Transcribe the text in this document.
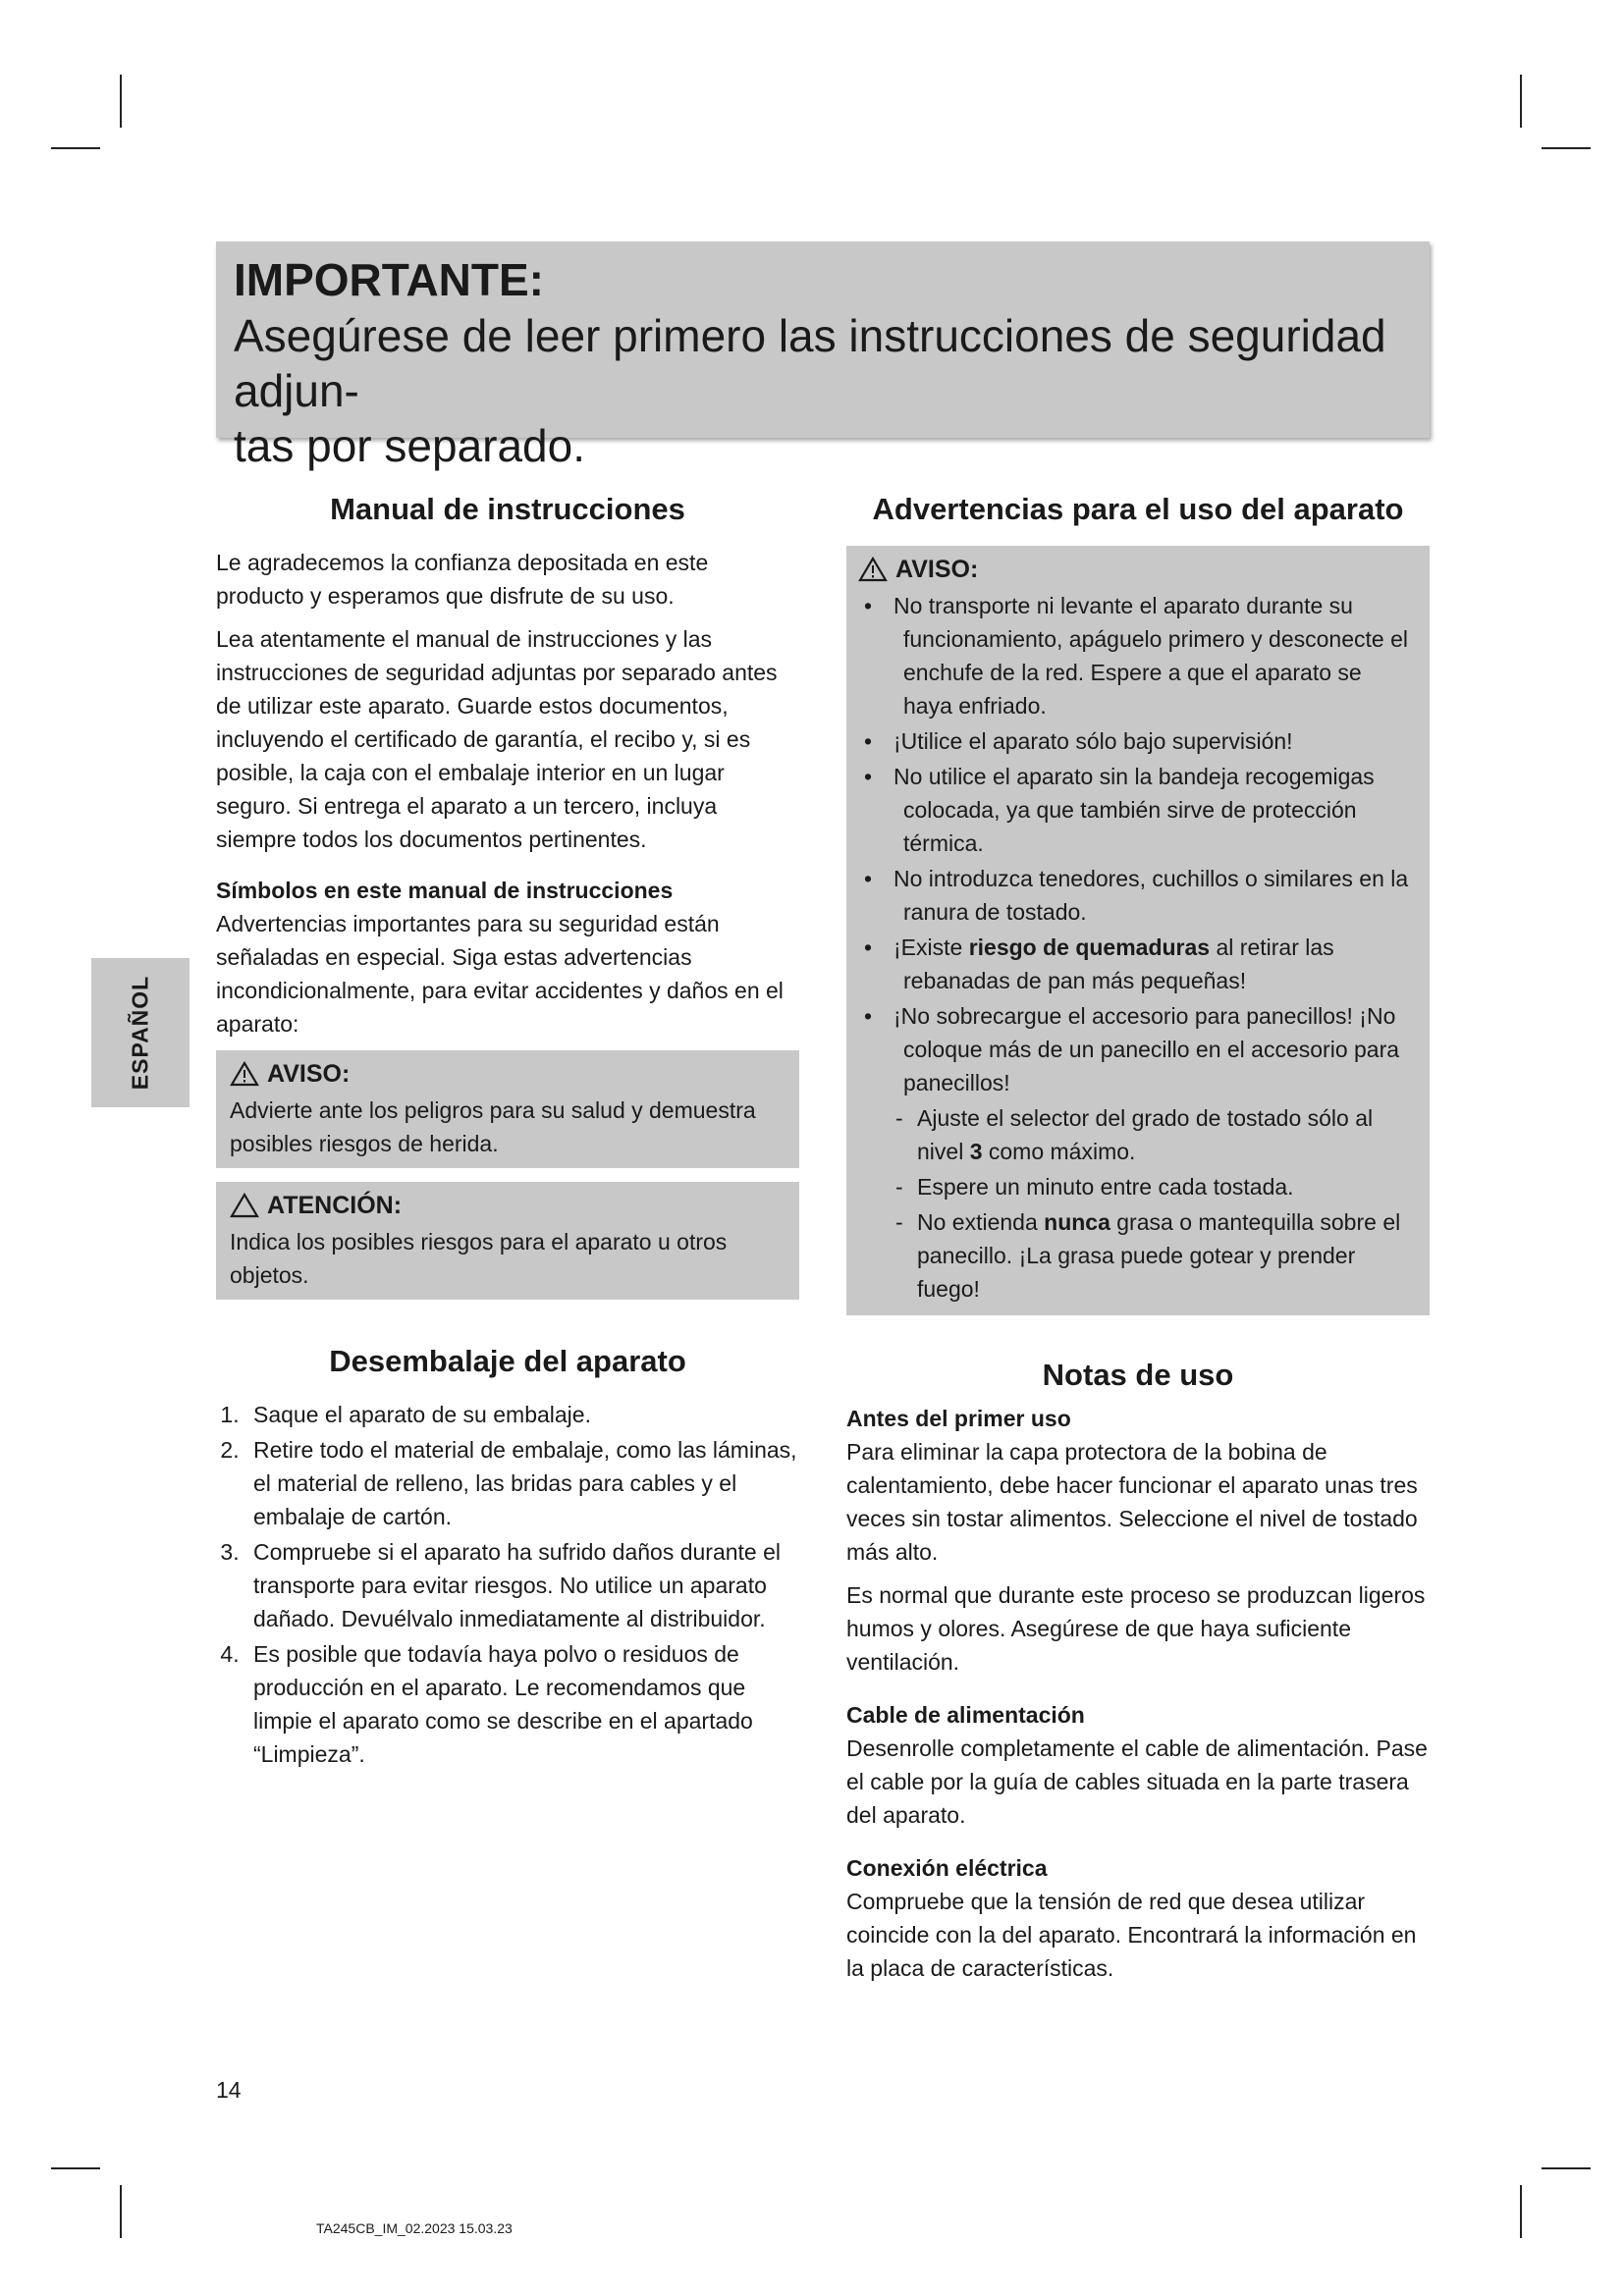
IMPORTANTE:
Asegúrese de leer primero las instrucciones de seguridad adjun-
tas por separado.
ESPAÑOL
Manual de instrucciones

Le agradecemos la confianza depositada en este producto y esperamos que disfrute de su uso.

Lea atentamente el manual de instrucciones y las instrucciones de seguridad adjuntas por separado antes de utilizar este aparato. Guarde estos documentos, incluyendo el certificado de garantía, el recibo y, si es posible, la caja con el embalaje interior en un lugar seguro. Si entrega el aparato a un tercero, incluya siempre todos los documentos pertinentes.

Símbolos en este manual de instrucciones

Advertencias importantes para su seguridad están señaladas en especial. Siga estas advertencias incondicionalmente, para evitar accidentes y daños en el aparato:

AVISO:
Advierte ante los peligros para su salud y demuestra posibles riesgos de herida.
ATENCIÓN:
Indica los posibles riesgos para el aparato u otros objetos.
Desembalaje del aparato
1. Saque el aparato de su embalaje.
2. Retire todo el material de embalaje, como las láminas, el material de relleno, las bridas para cables y el embalaje de cartón.
3. Compruebe si el aparato ha sufrido daños durante el transporte para evitar riesgos. No utilice un aparato dañado. Devuélvalo inmediatamente al distribuidor.
4. Es posible que todavía haya polvo o residuos de producción en el aparato. Le recomendamos que limpie el aparato como se describe en el apartado “Limpieza”.
Advertencias para el uso del aparato
AVISO:
• No transporte ni levante el aparato durante su funcionamiento, apáguelo primero y desconecte el enchufe de la red. Espere a que el aparato se haya enfriado.
• ¡Utilice el aparato sólo bajo supervisión!
• No utilice el aparato sin la bandeja recogemigas colocada, ya que también sirve de protección térmica.
• No introduzca tenedores, cuchillos o similares en la ranura de tostado.
• ¡Existe riesgo de quemaduras al retirar las rebanadas de pan más pequeñas!
• ¡No sobrecargue el accesorio para panecillos! ¡No coloque más de un panecillo en el accesorio para panecillos!
- Ajuste el selector del grado de tostado sólo al nivel 3 como máximo.
- Espere un minuto entre cada tostada.
- No extienda nunca grasa o mantequilla sobre el panecillo. ¡La grasa puede gotear y prender fuego!
Notas de uso
Antes del primer uso

Para eliminar la capa protectora de la bobina de calentamiento, debe hacer funcionar el aparato unas tres veces sin tostar alimentos. Seleccione el nivel de tostado más alto.

Es normal que durante este proceso se produzcan ligeros humos y olores. Asegúrese de que haya suficiente ventilación.

Cable de alimentación

Desenrolle completamente el cable de alimentación. Pase el cable por la guía de cables situada en la parte trasera del aparato.

Conexión eléctrica

Compruebe que la tensión de red que desea utilizar coincide con la del aparato. Encontrará la información en la placa de características.

14
TA245CB_IM_02.2023 15.03.23
